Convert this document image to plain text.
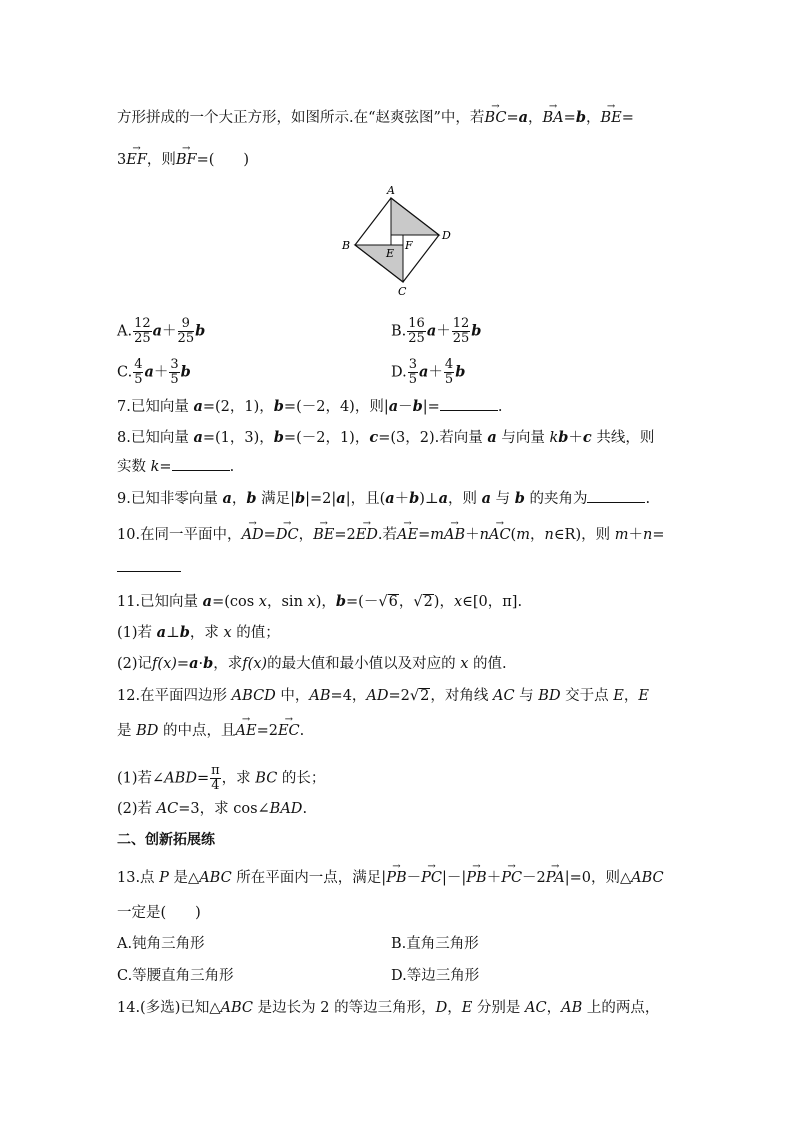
方形拼成的一个大正方形，如图所示.在“赵爽弦图”中，若→ BC=a，→ BA=b，→ BE=
3→ EF，则→ BF=(　　)
A
B
C
D
E
F
A. $\frac{12}{25} a+ \frac{9}{25}$ b	B. $\frac{16}{25} a+ \frac{12}{25}$ b
C. $\frac{4}{5} a+ \frac{3}{5}$ b	D. $\frac{3}{5} a+ \frac{4}{5}$ b
7.已知向量 a=(2，1)，b=(－2，4)，则|a－b|=	.
8.已知向量 a=(1，3)，b=(－2，1)，c=(3，2).若向量 a 与向量 kb＋c 共线，则
实数 k=	.
9.已知非零向量 a，b 满足|b|=2|a|，且(a＋b)⊥a，则 a 与 b 的夹角为	.
10.在同一平面中，→ AD=→ DC，→ BE=2→ ED.若→ AE=m→ AB＋n→ AC(m，n∈R)，则 m＋n=
11.已知向量 a=(cos x，sin x)，b=(－√6，√2)，x∈[0，π].
(1)若 a⊥b，求 x 的值；
(2)记f(x)=a·b，求f(x)的最大值和最小值以及对应的 x 的值.
12.在平面四边形 ABCD 中，AB=4，AD=2√2，对角线 AC 与 BD 交于点 E，E
是 BD 的中点，且→ AE=2→ EC.
(1)若∠ABD= $\frac{\pi}{4}$ ，求 BC 的长；
(2)若 AC=3，求 cos∠BAD.
二、创新拓展练
13.点 P 是△ABC 所在平面内一点，满足|→ PB－→ PC|－|→ PB＋→ PC－2→ PA|=0，则△ABC
一定是(　　)
A.钝角三角形	B.直角三角形
C.等腰直角三角形	D.等边三角形
14.(多选)已知△ABC 是边长为 2 的等边三角形，D，E 分别是 AC，AB 上的两点，
